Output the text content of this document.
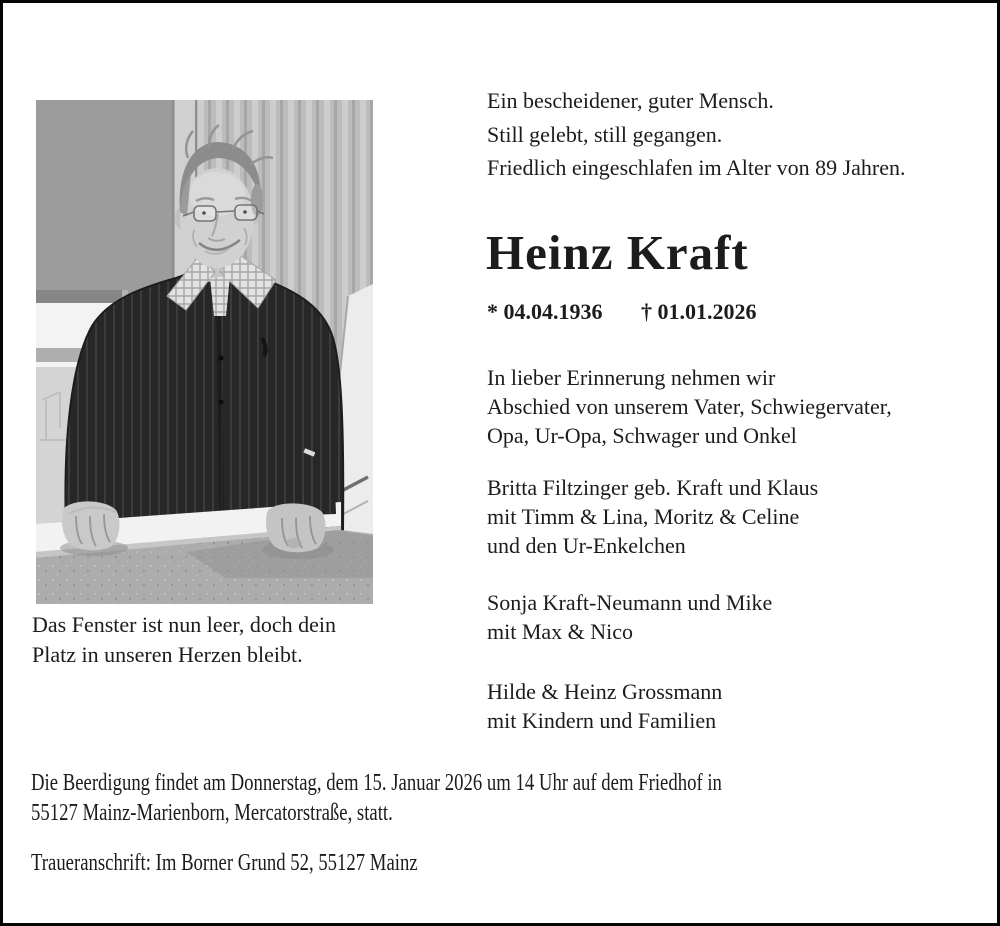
Ein bescheidener, guter Mensch.
Still gelebt, still gegangen.
Friedlich eingeschlafen im Alter von 89 Jahren.
Heinz Kraft
* 04.04.1936 † 01.01.2026
In lieber Erinnerung nehmen wir
Abschied von unserem Vater, Schwiegervater,
Opa, Ur-Opa, Schwager und Onkel
Britta Filtzinger geb. Kraft und Klaus
mit Timm & Lina, Moritz & Celine
und den Ur-Enkelchen
Sonja Kraft-Neumann und Mike
mit Max & Nico
Hilde & Heinz Grossmann
mit Kindern und Familien
Das Fenster ist nun leer, doch dein
Platz in unseren Herzen bleibt.
Die Beerdigung findet am Donnerstag, dem 15. Januar 2026 um 14 Uhr auf dem Friedhof in
55127 Mainz-Marienborn, Mercatorstraße, statt.
Traueranschrift: Im Borner Grund 52, 55127 Mainz
